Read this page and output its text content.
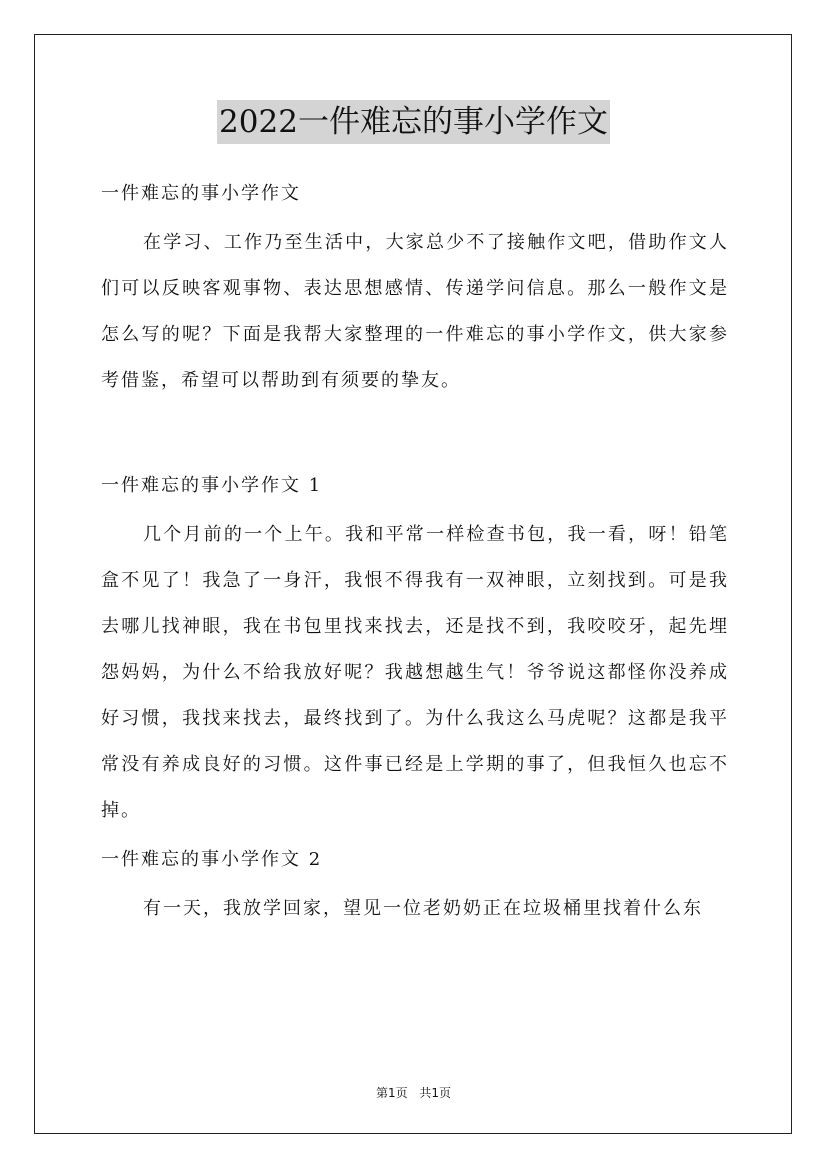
2022一件难忘的事小学作文

一件难忘的事小学作文

在学习、工作乃至生活中，大家总少不了接触作文吧，借助作文人们可以反映客观事物、表达思想感情、传递学问信息。那么一般作文是怎么写的呢？下面是我帮大家整理的一件难忘的事小学作文，供大家参考借鉴，希望可以帮助到有须要的挚友。

一件难忘的事小学作文 1

几个月前的一个上午。我和平常一样检查书包，我一看，呀！铅笔盒不见了！我急了一身汗，我恨不得我有一双神眼，立刻找到。可是我去哪儿找神眼，我在书包里找来找去，还是找不到，我咬咬牙，起先埋怨妈妈，为什么不给我放好呢？我越想越生气！爷爷说这都怪你没养成好习惯，我找来找去，最终找到了。为什么我这么马虎呢？这都是我平常没有养成良好的习惯。这件事已经是上学期的事了，但我恒久也忘不掉。

一件难忘的事小学作文 2

有一天，我放学回家，望见一位老奶奶正在垃圾桶里找着什么东

第1页 共1页
